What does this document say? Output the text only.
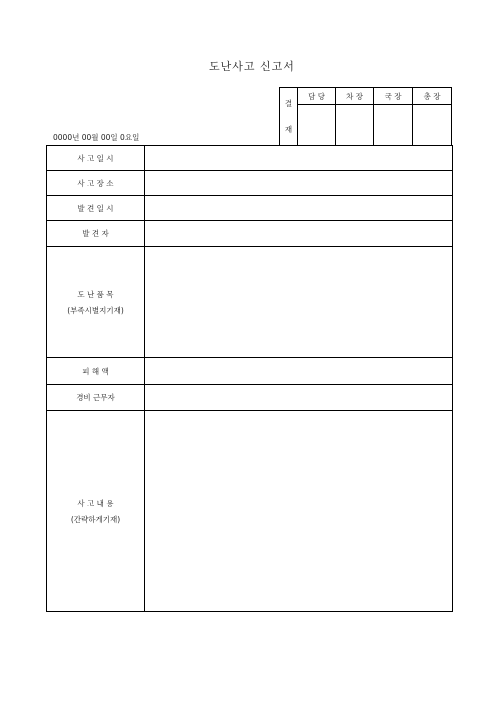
도난사고 신고서
0000년 00월 00일 0요일
결
재	담 당	차 장	국 장	총 장

사 고 일 시	
사 고 장 소	
발 견 일 시	
발 견 자	
도 난 품 목
(부족시별지기재)	

피 해 액	
경비 근무자	
사 고 내 용
(간략하게기재)	
